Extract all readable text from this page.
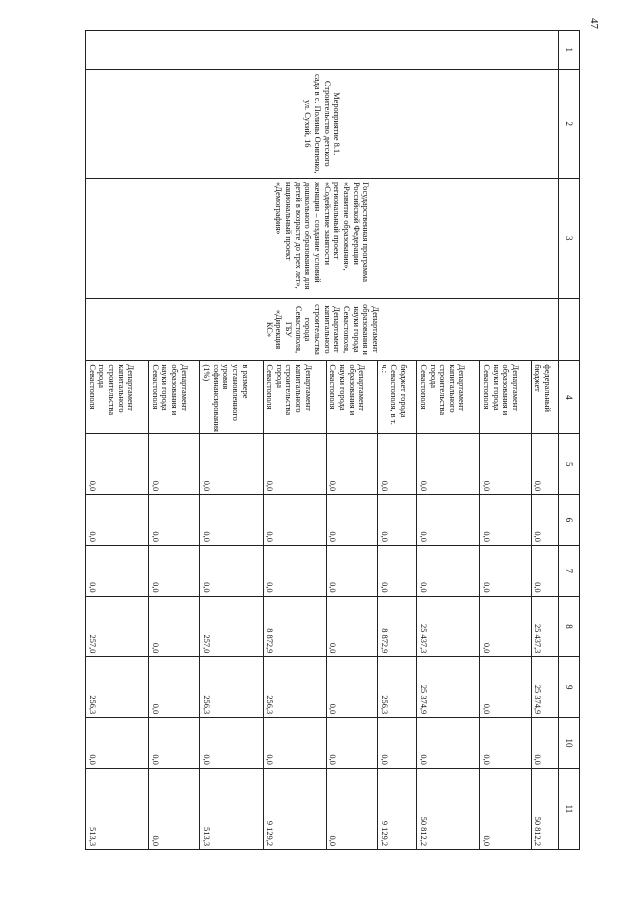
47
1	2	3		4	5	6	7	8	9	10	11
	Мероприятие 8.1. Строительство детского сада в с. Полины Осипенко, ул. Сухий, 16	Государственная программа Российской Федерации «Развитие образования», региональный проект «Содействие занятости женщин – создание условий дошкольного образования для детей в возрасте до трех лет», национальный проект «Демография»	Департамент образования и науки города Севастополя, Департамент капитального строительства города Севастополя, ГБУ «Дирекция КС»	федеральный бюджет	0,0	0,0	0,0	25 437,3	25 374,9	0,0	50 812,2
				Департамент образования и науки города Севастополя	0,0	0,0	0,0	0,0	0,0	0,0	0,0
				Департамент капитального строительства города Севастополя	0,0	0,0	0,0	25 437,3	25 374,9	0,0	50 812,2
				бюджет города Севастополя, в т. ч.:	0,0	0,0	0,0	8 872,9	256,3	0,0	9 129,2
				Департамент образования и науки города Севастополя	0,0	0,0	0,0	0,0	0,0	0,0	0,0
				Департамент капитального строительства города Севастополя	0,0	0,0	0,0	8 872,9	256,3	0,0	9 129,2
				в размере установленного уровня софинансирования (1%)	0,0	0,0	0,0	257,0	256,3	0,0	513,3
				Департамент образования и науки города Севастополя	0,0	0,0	0,0	0,0	0,0	0,0	0,0
				Департамент капитального строительства города Севастополя	0,0	0,0	0,0	257,0	256,3	0,0	513,3
